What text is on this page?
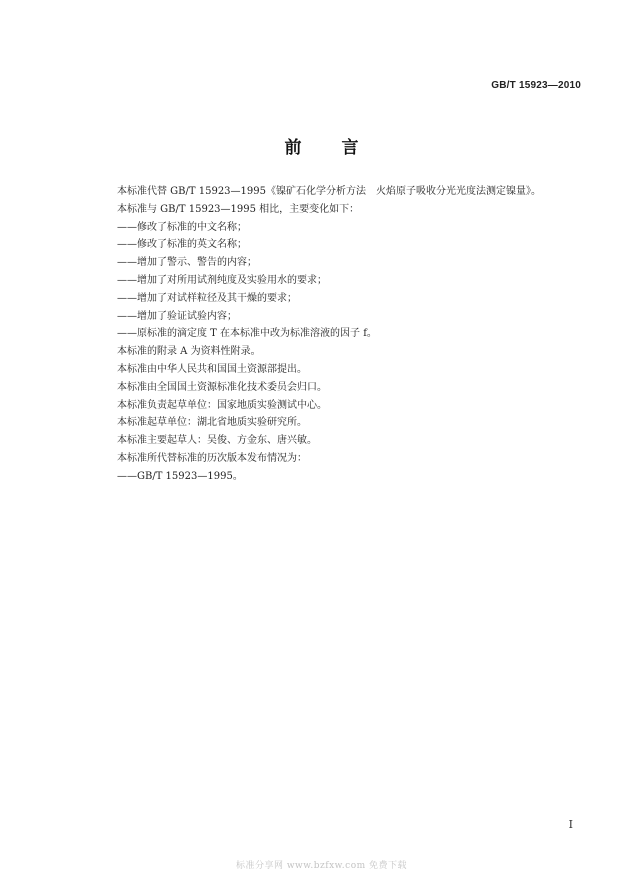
GB/T 15923—2010
前言
本标准代替 GB/T 15923—1995《镍矿石化学分析方法　火焰原子吸收分光光度法测定镍量》。
本标准与 GB/T 15923—1995 相比，主要变化如下：
——修改了标准的中文名称；
——修改了标准的英文名称；
——增加了警示、警告的内容；
——增加了对所用试剂纯度及实验用水的要求；
——增加了对试样粒径及其干燥的要求；
——增加了验证试验内容；
——原标准的滴定度 T 在本标准中改为标准溶液的因子 f。
本标准的附录 A 为资料性附录。
本标准由中华人民共和国国土资源部提出。
本标准由全国国土资源标准化技术委员会归口。
本标准负责起草单位：国家地质实验测试中心。
本标准起草单位：湖北省地质实验研究所。
本标准主要起草人：吴俊、方金东、唐兴敏。
本标准所代替标准的历次版本发布情况为：
——GB/T 15923—1995。
I
标准分享网 www.bzfxw.com 免费下载
